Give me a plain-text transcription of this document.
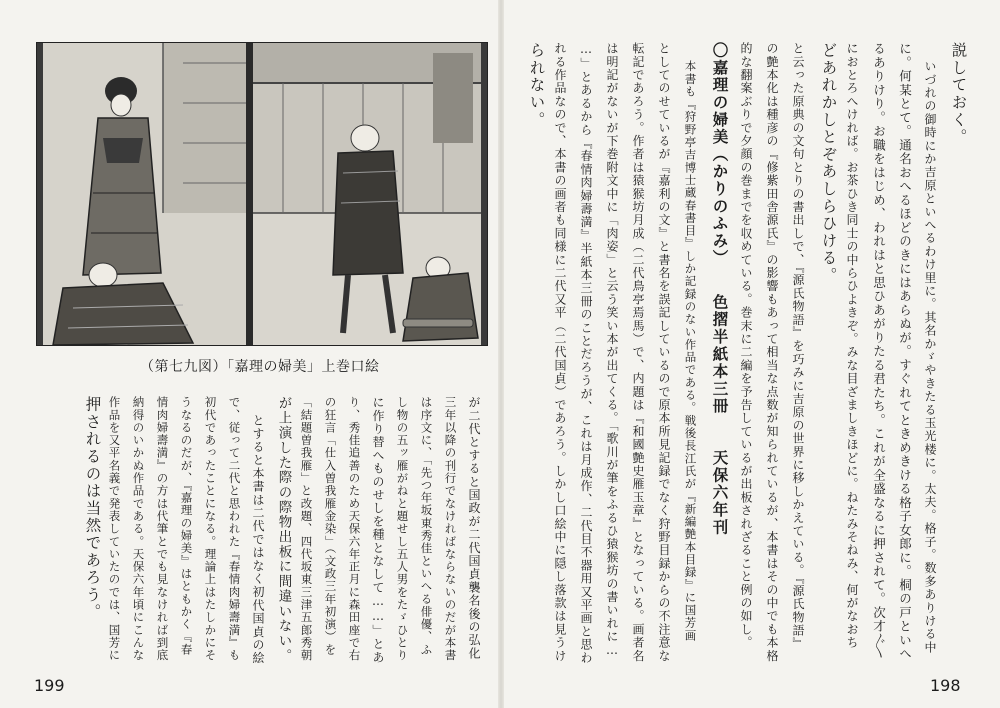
（第七九図）「嘉理の婦美」上巻口絵
が二代とすると国政が二代国貞襲名後の弘化
三年以降の刊行でなければならないのだが本書
は序文に、「先つ年坂東秀佳といへる俳優、ふ
し物の五ッ雁がねと題せし五人男をたゞひとり
に作り替へものせしを種となして……」とあ
り、秀佳追善のため天保六年正月に森田座で右
の狂言「仕入曽我雁金染」（文政三年初演）を
「結題曽我雁」と改題、四代坂東三津五郎秀朝
が上演した際の際物出板に間違いない。
とすると本書は二代ではなく初代国貞の絵
で、従って二代と思われた『春情肉婦壽満』も
初代であったことになる。理論上はたしかにそ
うなるのだが、『嘉理の婦美』はともかく『春
情肉婦壽満』の方は代筆とでも見なければ到底
納得のいかぬ作品である。天保六年頃にこんな
作品を又平名義で発表していたのでは、国芳に
押されるのは当然であろう。
199
説しておく。
いづれの御時にか吉原といへるわけ里に。其名かゞやきたる玉光楼に。太夫。格子。数多ありける中
に。何某とて。通名おへるほどのきにはあらぬが。すぐれてときめきける格子女郎に。桐の戸といへ
るありけり。お職をはじめ、われはと思ひあがりたる君たち。これが全盛なるに押されて。次才〲
におとろへければ。お茶ひき同士の中らひよきぞ。みな目ざましきほどに。ねたみそねみ、何がなおち
どあれかしとぞあしらひける。
と云った原典の文句とりの書出しで、『源氏物語』を巧みに吉原の世界に移しかえている。『源氏物語』
の艶本化は種彦の『修紫田舎源氏』の影響もあって相当な点数が知られているが、本書はその中でも本格
的な翻案ぶりで夕顔の巻までを収めている。巻末に二編を予告しているが出板されざること例の如し。
〇嘉理の婦美（かりのふみ）　　色摺半紙本三冊　　天保六年刊
本書も『狩野亭吉博士蔵春書目』しか記録のない作品である。戦後長江氏が『新編艶本目録』に国芳画
としてのせているが『嘉利の文』と書名を誤記しているので原本所見記録でなく狩野目録からの不注意な
転記であろう。作者は猿猴坊月成（二代鳥亭焉馬）で、内題は『和國艶史雁玉章』となっている。画者名
は明記がないが下巻附文中に「肉姿」と云う笑い本が出てくる。「歌川が筆をふるひ猿猴坊の書いれに…
…」とあるから『春情肉婦壽満』半紙本三冊のことだろうが、これは月成作、二代目不器用又平画と思わ
れる作品なので、本書の画者も同様に二代又平（二代国貞）であろう。しかし口絵中に隠し落款は見うけ
られない。
198
